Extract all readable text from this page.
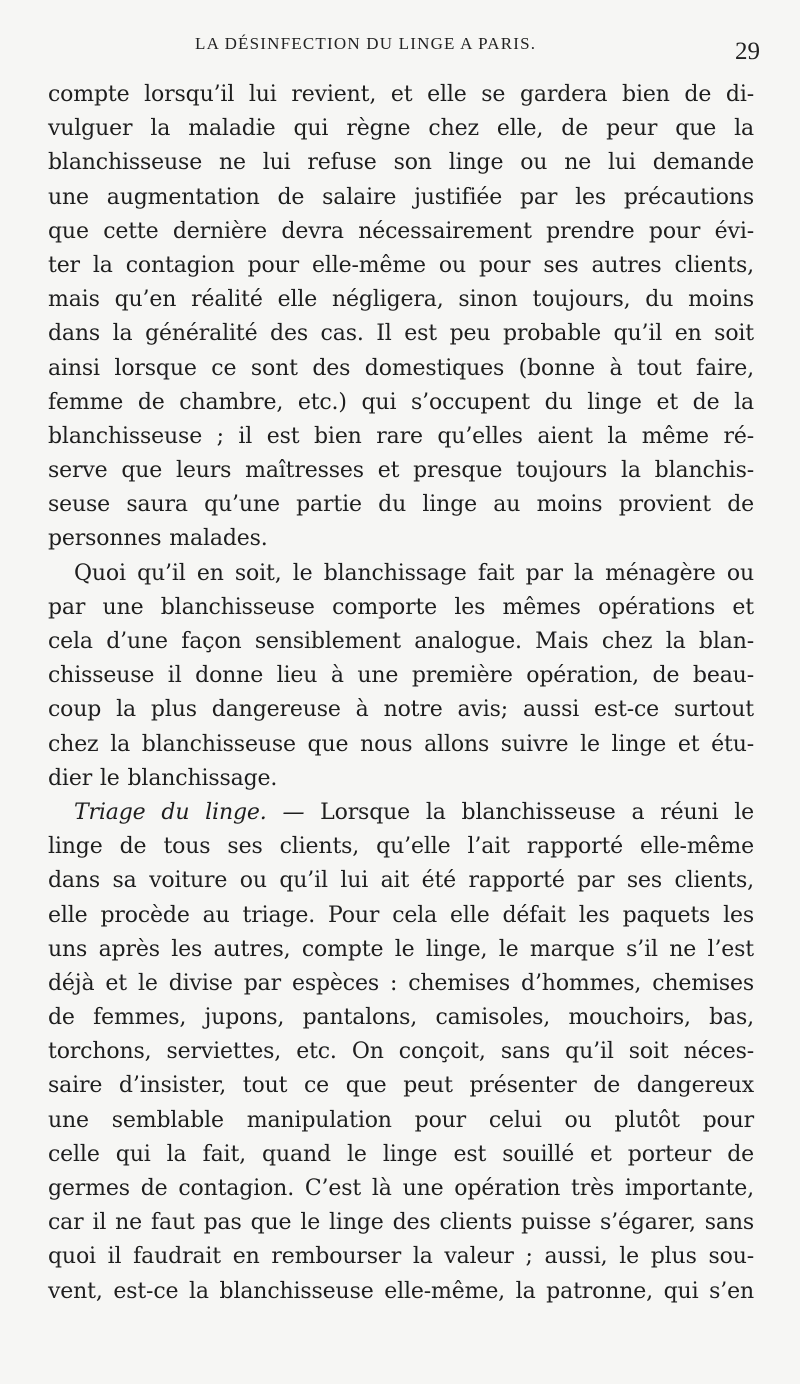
LA DÉSINFECTION DU LINGE A PARIS.	29
compte lorsqu’il lui revient, et elle se gardera bien de di-
vulguer la maladie qui règne chez elle, de peur que la
blanchisseuse ne lui refuse son linge ou ne lui demande
une augmentation de salaire justifiée par les précautions
que cette dernière devra nécessairement prendre pour évi-
ter la contagion pour elle-même ou pour ses autres clients,
mais qu’en réalité elle négligera, sinon toujours, du moins
dans la généralité des cas. Il est peu probable qu’il en soit
ainsi lorsque ce sont des domestiques (bonne à tout faire,
femme de chambre, etc.) qui s’occupent du linge et de la
blanchisseuse ; il est bien rare qu’elles aient la même ré-
serve que leurs maîtresses et presque toujours la blanchis-
seuse saura qu’une partie du linge au moins provient de
personnes malades.
Quoi qu’il en soit, le blanchissage fait par la ménagère ou
par une blanchisseuse comporte les mêmes opérations et
cela d’une façon sensiblement analogue. Mais chez la blan-
chisseuse il donne lieu à une première opération, de beau-
coup la plus dangereuse à notre avis; aussi est-ce surtout
chez la blanchisseuse que nous allons suivre le linge et étu-
dier le blanchissage.
Triage du linge. — Lorsque la blanchisseuse a réuni le
linge de tous ses clients, qu’elle l’ait rapporté elle-même
dans sa voiture ou qu’il lui ait été rapporté par ses clients,
elle procède au triage. Pour cela elle défait les paquets les
uns après les autres, compte le linge, le marque s’il ne l’est
déjà et le divise par espèces : chemises d’hommes, chemises
de femmes, jupons, pantalons, camisoles, mouchoirs, bas,
torchons, serviettes, etc. On conçoit, sans qu’il soit néces-
saire d’insister, tout ce que peut présenter de dangereux
une semblable manipulation pour celui ou plutôt pour
celle qui la fait, quand le linge est souillé et porteur de
germes de contagion. C’est là une opération très importante,
car il ne faut pas que le linge des clients puisse s’égarer, sans
quoi il faudrait en rembourser la valeur ; aussi, le plus sou-
vent, est-ce la blanchisseuse elle-même, la patronne, qui s’en
